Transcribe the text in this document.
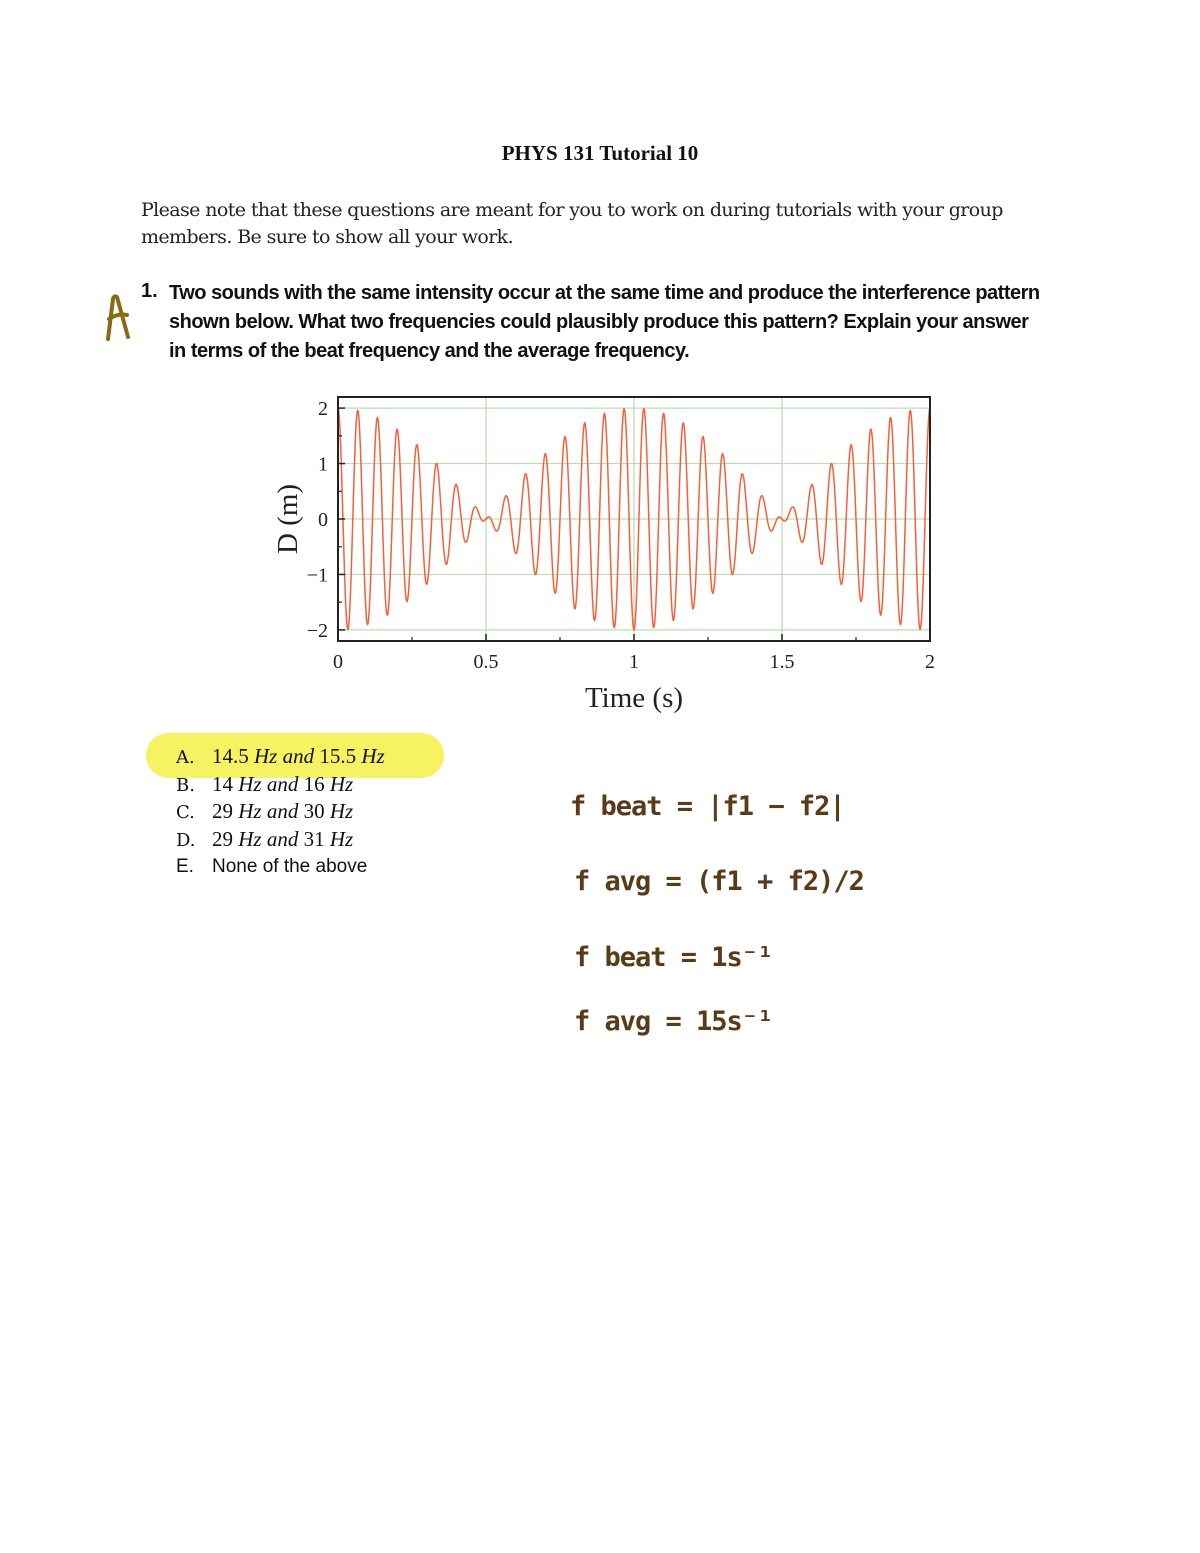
PHYS 131 Tutorial 10

Please note that these questions are meant for you to work on during tutorials with your group members. Be sure to show all your work.

1. Two sounds with the same intensity occur at the same time and produce the interference pattern shown below. What two frequencies could plausibly produce this pattern? Explain your answer in terms of the beat frequency and the average frequency.

0	0.5	1	1.5	2
2
1
0
−1
−2
Time (s)
D (m)
A. 14.5 Hz and 15.5 Hz
B. 14 Hz and 16 Hz
C. 29 Hz and 30 Hz
D. 29 Hz and 31 Hz
E. None of the above
f beat = |f1 − f2|
f avg = (f1 + f2)/2
f beat = 1s⁻¹
f avg = 15s⁻¹
